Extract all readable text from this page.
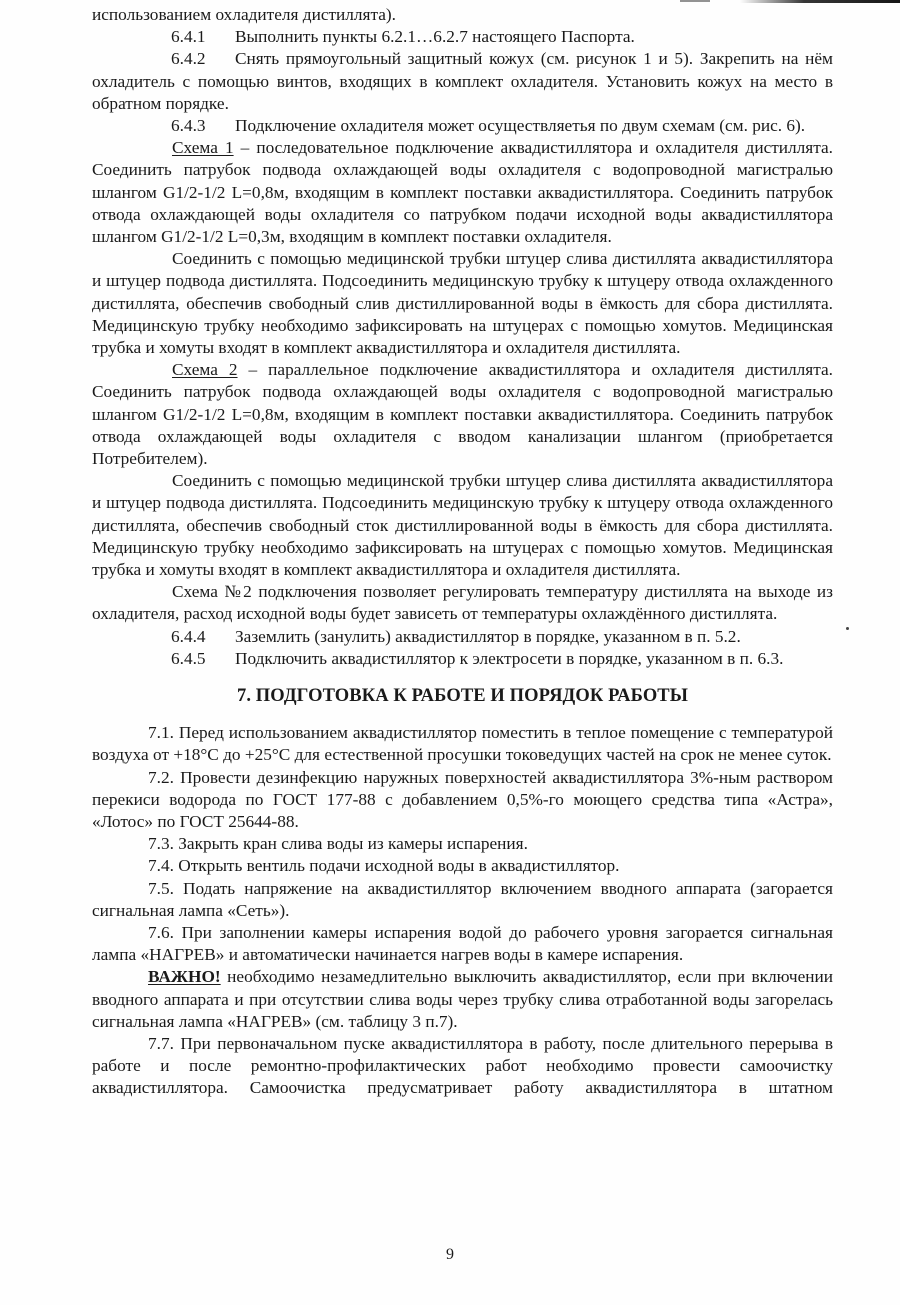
использованием охладителя дистиллята).

6.4.1 Выполнить пункты 6.2.1…6.2.7 настоящего Паспорта.

6.4.2 Снять прямоугольный защитный кожух (см. рисунок 1 и 5). Закрепить на нём охладитель с помощью винтов, входящих в комплект охладителя. Установить кожух на место в обратном порядке.

6.4.3 Подключение охладителя может осуществляетья по двум схемам (см. рис. 6).

Схема 1 – последовательное подключение аквадистиллятора и охладителя дистиллята. Соединить патрубок подвода охлаждающей воды охладителя с водопроводной магистралью шлангом G1/2-1/2 L=0,8м, входящим в комплект поставки аквадистиллятора. Соединить патрубок отвода охлаждающей воды охладителя со патрубком подачи исходной воды аквадистиллятора шлангом G1/2-1/2 L=0,3м, входящим в комплект поставки охладителя.

Соединить с помощью медицинской трубки штуцер слива дистиллята аквадистиллятора и штуцер подвода дистиллята. Подсоединить медицинскую трубку к штуцеру отвода охлажденного дистиллята, обеспечив свободный слив дистиллированной воды в ёмкость для сбора дистиллята. Медицинскую трубку необходимо зафиксировать на штуцерах с помощью хомутов. Медицинская трубка и хомуты входят в комплект аквадистиллятора и охладителя дистиллята.

Схема 2 – параллельное подключение аквадистиллятора и охладителя дистиллята. Соединить патрубок подвода охлаждающей воды охладителя с водопроводной магистралью шлангом G1/2-1/2 L=0,8м, входящим в комплект поставки аквадистиллятора. Соединить патрубок отвода охлаждающей воды охладителя с вводом канализации шлангом (приобретается Потребителем).

Соединить с помощью медицинской трубки штуцер слива дистиллята аквадистиллятора и штуцер подвода дистиллята. Подсоединить медицинскую трубку к штуцеру отвода охлажденного дистиллята, обеспечив свободный сток дистиллированной воды в ёмкость для сбора дистиллята. Медицинскую трубку необходимо зафиксировать на штуцерах с помощью хомутов. Медицинская трубка и хомуты входят в комплект аквадистиллятора и охладителя дистиллята.

Схема №2 подключения позволяет регулировать температуру дистиллята на выходе из охладителя, расход исходной воды будет зависеть от температуры охлаждённого дистиллята.

6.4.4 Заземлить (занулить) аквадистиллятор в порядке, указанном в п. 5.2.

6.4.5 Подключить аквадистиллятор к электросети в порядке, указанном в п. 6.3.

7. ПОДГОТОВКА К РАБОТЕ И ПОРЯДОК РАБОТЫ

7.1. Перед использованием аквадистиллятор поместить в теплое помещение с температурой воздуха от +18°С до +25°С для естественной просушки токоведущих частей на срок не менее суток.

7.2. Провести дезинфекцию наружных поверхностей аквадистиллятора 3%-ным раствором перекиси водорода по ГОСТ 177-88 с добавлением 0,5%-го моющего средства типа «Астра», «Лотос» по ГОСТ 25644-88.

7.3. Закрыть кран слива воды из камеры испарения.

7.4. Открыть вентиль подачи исходной воды в аквадистиллятор.

7.5. Подать напряжение на аквадистиллятор включением вводного аппарата (загорается сигнальная лампа «Сеть»).

7.6. При заполнении камеры испарения водой до рабочего уровня загорается сигнальная лампа «НАГРЕВ» и автоматически начинается нагрев воды в камере испарения.

ВАЖНО! необходимо незамедлительно выключить аквадистиллятор, если при включении вводного аппарата и при отсутствии слива воды через трубку слива отработанной воды загорелась сигнальная лампа «НАГРЕВ» (см. таблицу 3 п.7).

7.7. При первоначальном пуске аквадистиллятора в работу, после длительного перерыва в работе и после ремонтно-профилактических работ необходимо провести самоочистку аквадистиллятора. Самоочистка предусматривает работу аквадистиллятора в штатном

9
